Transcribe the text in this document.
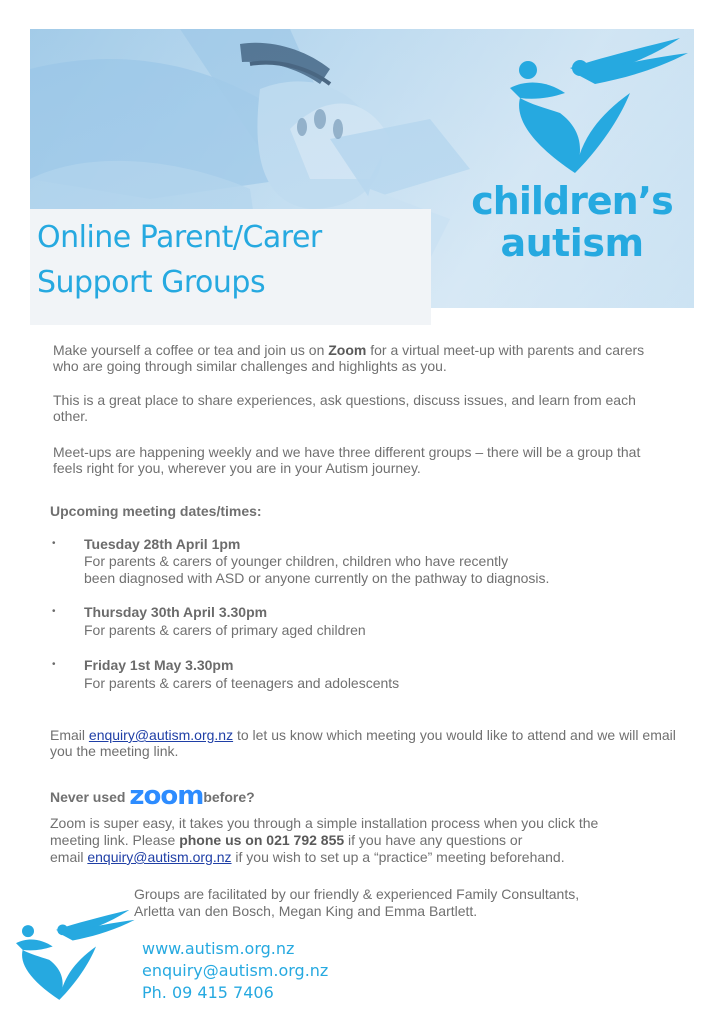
children’s
autism
Online Parent/Carer
Support Groups
Make yourself a coffee or tea and join us on Zoom for a virtual meet-up with parents and carers who are going through similar challenges and highlights as you.
This is a great place to share experiences, ask questions, discuss issues, and learn from each other.
Meet-ups are happening weekly and we have three different groups – there will be a group that feels right for you, wherever you are in your Autism journey.
Upcoming meeting dates/times:
• Tuesday 28th April 1pm
For parents & carers of younger children, children who have recently
been diagnosed with ASD or anyone currently on the pathway to diagnosis.
• Thursday 30th April 3.30pm
For parents & carers of primary aged children
• Friday 1st May 3.30pm
For parents & carers of teenagers and adolescents
Email enquiry@autism.org.nz to let us know which meeting you would like to attend and we will email you the meeting link.
Never used zoombefore?
Zoom is super easy, it takes you through a simple installation process when you click the
meeting link. Please phone us on 021 792 855 if you have any questions or
email enquiry@autism.org.nz if you wish to set up a “practice” meeting beforehand.
Groups are facilitated by our friendly & experienced Family Consultants,
Arletta van den Bosch, Megan King and Emma Bartlett.
www.autism.org.nz
enquiry@autism.org.nz
Ph. 09 415 7406
